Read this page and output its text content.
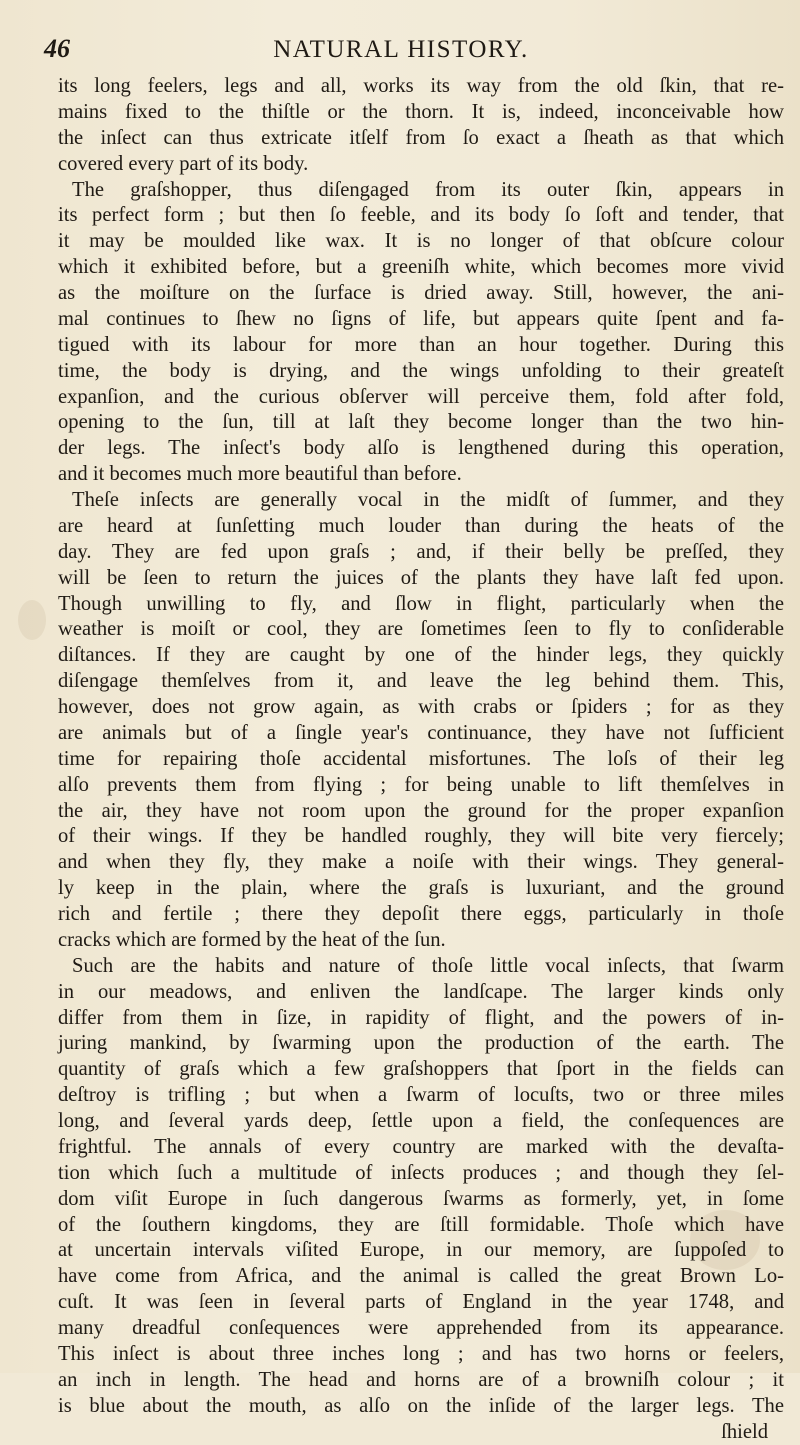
46	NATURAL HISTORY.
its long feelers, legs and all, works its way from the old ſkin, that re-
mains fixed to the thiſtle or the thorn. It is, indeed, inconceivable how
the inſect can thus extricate itſelf from ſo exact a ſheath as that which
covered every part of its body.
The graſshopper, thus diſengaged from its outer ſkin, appears in
its perfect form ; but then ſo feeble, and its body ſo ſoft and tender, that
it may be moulded like wax. It is no longer of that obſcure colour
which it exhibited before, but a greeniſh white, which becomes more vivid
as the moiſture on the ſurface is dried away. Still, however, the ani-
mal continues to ſhew no ſigns of life, but appears quite ſpent and fa-
tigued with its labour for more than an hour together. During this
time, the body is drying, and the wings unfolding to their greateſt
expanſion, and the curious obſerver will perceive them, fold after fold,
opening to the ſun, till at laſt they become longer than the two hin-
der legs. The inſect's body alſo is lengthened during this operation,
and it becomes much more beautiful than before.
Theſe inſects are generally vocal in the midſt of ſummer, and they
are heard at ſunſetting much louder than during the heats of the
day. They are fed upon graſs ; and, if their belly be preſſed, they
will be ſeen to return the juices of the plants they have laſt fed upon.
Though unwilling to fly, and ſlow in flight, particularly when the
weather is moiſt or cool, they are ſometimes ſeen to fly to conſiderable
diſtances. If they are caught by one of the hinder legs, they quickly
diſengage themſelves from it, and leave the leg behind them. This,
however, does not grow again, as with crabs or ſpiders ; for as they
are animals but of a ſingle year's continuance, they have not ſufficient
time for repairing thoſe accidental misfortunes. The loſs of their leg
alſo prevents them from flying ; for being unable to lift themſelves in
the air, they have not room upon the ground for the proper expanſion
of their wings. If they be handled roughly, they will bite very fiercely;
and when they fly, they make a noiſe with their wings. They general-
ly keep in the plain, where the graſs is luxuriant, and the ground
rich and fertile ; there they depoſit there eggs, particularly in thoſe
cracks which are formed by the heat of the ſun.
Such are the habits and nature of thoſe little vocal inſects, that ſwarm
in our meadows, and enliven the landſcape. The larger kinds only
differ from them in ſize, in rapidity of flight, and the powers of in-
juring mankind, by ſwarming upon the production of the earth. The
quantity of graſs which a few graſshoppers that ſport in the fields can
deſtroy is trifling ; but when a ſwarm of locuſts, two or three miles
long, and ſeveral yards deep, ſettle upon a field, the conſequences are
frightful. The annals of every country are marked with the devaſta-
tion which ſuch a multitude of inſects produces ; and though they ſel-
dom viſit Europe in ſuch dangerous ſwarms as formerly, yet, in ſome
of the ſouthern kingdoms, they are ſtill formidable. Thoſe which have
at uncertain intervals viſited Europe, in our memory, are ſuppoſed to
have come from Africa, and the animal is called the great Brown Lo-
cuſt. It was ſeen in ſeveral parts of England in the year 1748, and
many dreadful conſequences were apprehended from its appearance.
This inſect is about three inches long ; and has two horns or feelers,
an inch in length. The head and horns are of a browniſh colour ; it
is blue about the mouth, as alſo on the inſide of the larger legs. The
ſhield
